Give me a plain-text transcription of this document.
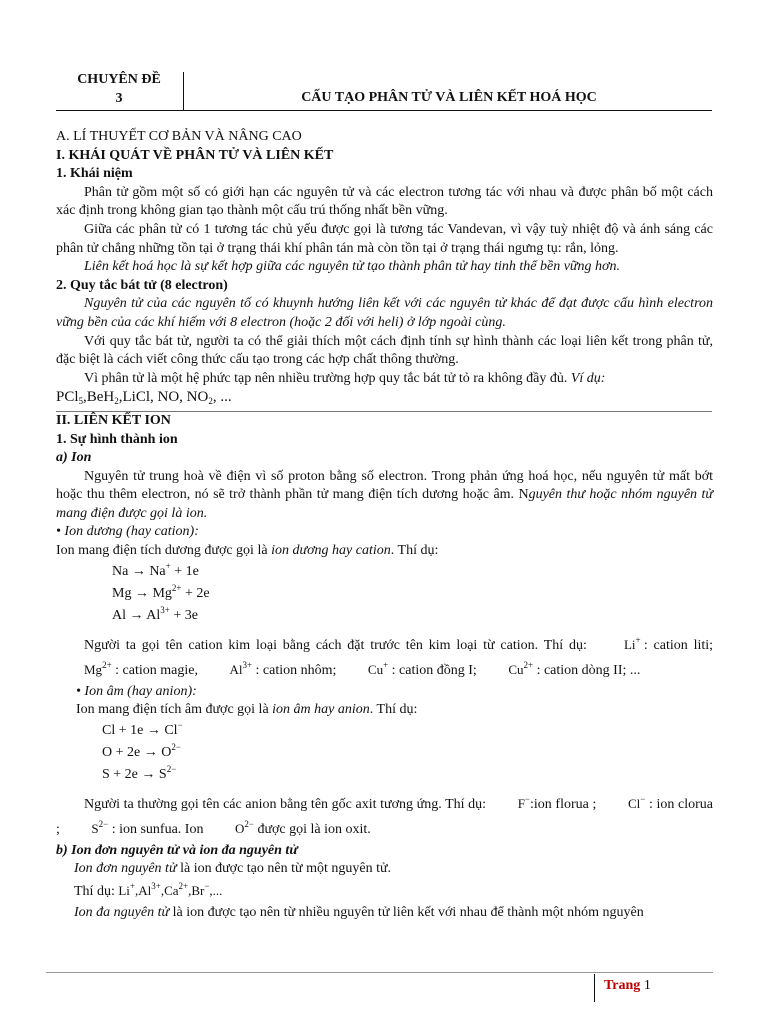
CHUYÊN ĐỀ
3	CẤU TẠO PHÂN TỬ VÀ LIÊN KẾT HOÁ HỌC

A. LÍ THUYẾT CƠ BẢN VÀ NÂNG CAO

I. KHÁI QUÁT VỀ PHÂN TỬ VÀ LIÊN KẾT

1. Khái niệm

Phân tử gồm một số có giới hạn các nguyên tử và các electron tương tác với nhau và được phân bố một cách xác định trong không gian tạo thành một cấu trú thống nhất bền vững.

Giữa các phân tử có 1 tương tác chủ yếu được gọi là tương tác Vandevan, vì vậy tuỳ nhiệt độ và ánh sáng các phân tử chẳng những tồn tại ở trạng thái khí phân tán mà còn tồn tại ở trạng thái ngưng tụ: rắn, lỏng.

Liên kết hoá học là sự kết hợp giữa các nguyên tử tạo thành phân tử hay tinh thể bền vững hơn.

2. Quy tắc bát tử (8 electron)

Nguyên tử của các nguyên tố có khuynh hướng liên kết với các nguyên tử khác để đạt được cấu hình electron vững bền của các khí hiếm với 8 electron (hoặc 2 đối với heli) ở lớp ngoài cùng.

Với quy tắc bát tử, người ta có thể giải thích một cách định tính sự hình thành các loại liên kết trong phân tử, đặc biệt là cách viết công thức cấu tạo trong các hợp chất thông thường.

Vì phân tử là một hệ phức tạp nên nhiều trường hợp quy tắc bát tử tỏ ra không đầy đủ. Ví dụ:

PCl$_5$,BeH$_2$,LiCl, NO, $NO_2$, ...

II. LIÊN KẾT ION

1. Sự hình thành ion

a) Ion

Nguyên tử trung hoà về điện vì số proton bằng số electron. Trong phản ứng hoá học, nếu nguyên tử mất bớt hoặc thu thêm electron, nó sẽ trở thành phần tử mang điện tích dương hoặc âm. Nguyên thư hoặc nhóm nguyên tử mang điện được gọi là ion.

• Ion dương (hay cation):

Ion mang điện tích dương được gọi là ion dương hay cation. Thí dụ:

Na → Na+ + 1e

$Mg \to Mg^{2+} + 2e$

$Al \to Al^{3+} + 3e$

Người ta gọi tên cation kim loại bằng cách đặt trước tên kim loại từ cation. Thí dụ:	Li+ : cation liti; $Mg^{2+}$ : cation magie, $Al^{3+}$ : cation nhôm; Cu+ : cation đồng I; $Cu^{2+}$ : cation dòng II; ...

• Ion âm (hay anion):

Ion mang điện tích âm được gọi là ion âm hay anion. Thí dụ:

Cl + 1e → Cl−

$O + 2e \to O^{2-}$

$S + 2e \to S^{2-}$

Người ta thường gọi tên các anion bằng tên gốc axit tương ứng. Thí dụ: F−:ion florua ; Cl− : ion clorua ; $S^{2-}$ : ion sunfua. Ion $O^{2-}$ được gọi là ion oxit.

b) Ion đơn nguyên tử và ion đa nguyên tử

Ion đơn nguyên tử là ion được tạo nên từ một nguyên tử.

Thí dụ: $Li^+,Al^{3+},Ca^{2+},Br^-$,...

Ion đa nguyên tử là ion được tạo nên từ nhiều nguyên tử liên kết với nhau để thành một nhóm nguyên

Trang 1
